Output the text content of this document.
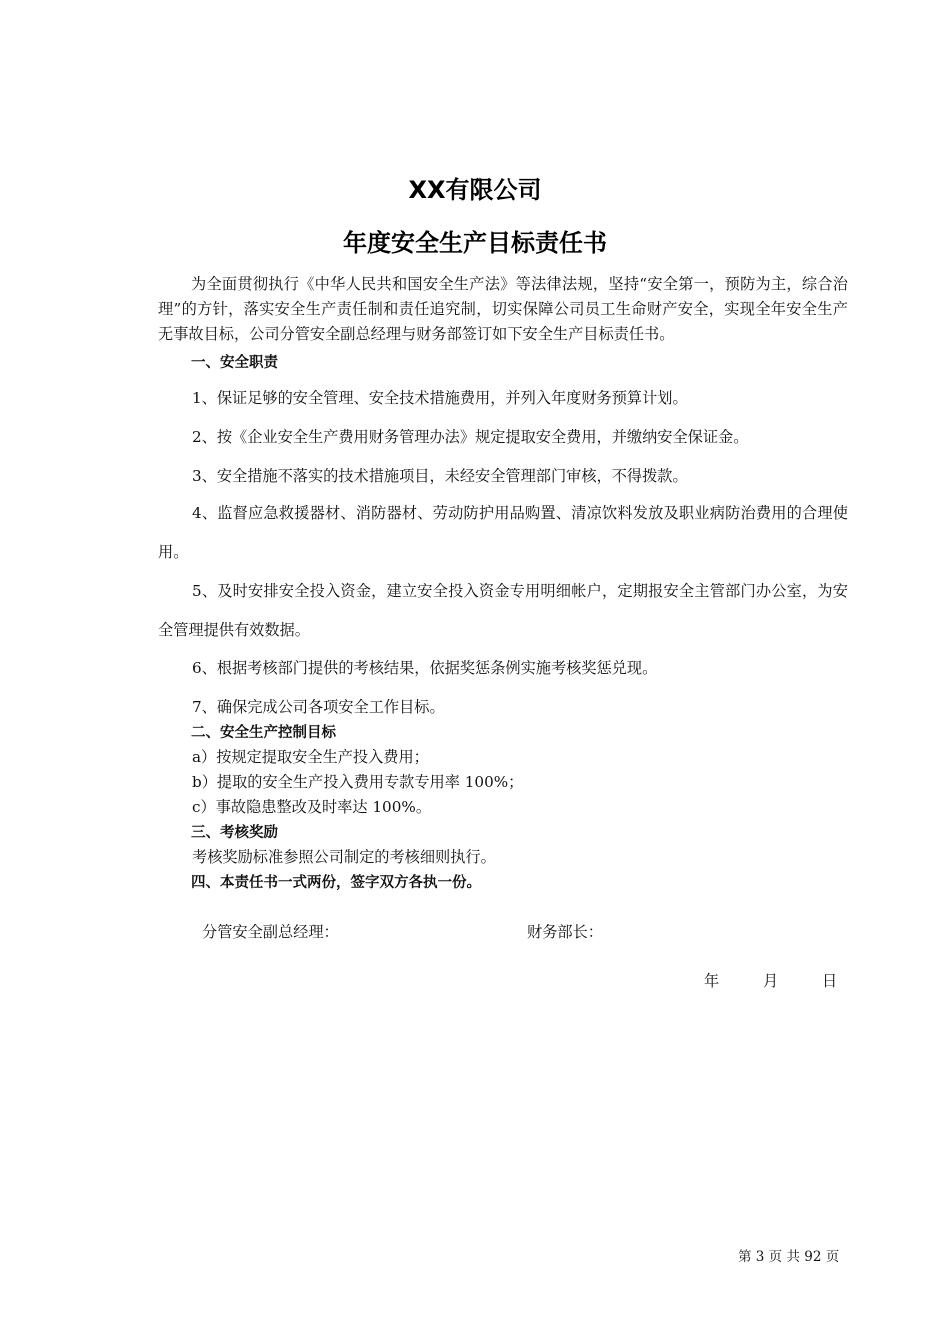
XX有限公司
年度安全生产目标责任书
为全面贯彻执行《中华人民共和国安全生产法》等法律法规，坚持“安全第一，预防为主，综合治理”的方针，落实安全生产责任制和责任追究制，切实保障公司员工生命财产安全，实现全年安全生产无事故目标，公司分管安全副总经理与财务部签订如下安全生产目标责任书。
一、安全职责
1、保证足够的安全管理、安全技术措施费用，并列入年度财务预算计划。
2、按《企业安全生产费用财务管理办法》规定提取安全费用，并缴纳安全保证金。
3、安全措施不落实的技术措施项目，未经安全管理部门审核，不得拨款。
4、监督应急救援器材、消防器材、劳动防护用品购置、清凉饮料发放及职业病防治费用的合理使用。
5、及时安排安全投入资金，建立安全投入资金专用明细帐户，定期报安全主管部门办公室，为安全管理提供有效数据。
6、根据考核部门提供的考核结果，依据奖惩条例实施考核奖惩兑现。
7、确保完成公司各项安全工作目标。
二、安全生产控制目标
a）按规定提取安全生产投入费用；
b）提取的安全生产投入费用专款专用率 100%；
c）事故隐患整改及时率达 100%。
三、考核奖励
考核奖励标准参照公司制定的考核细则执行。
四、本责任书一式两份，签字双方各执一份。
分管安全副总经理：	财务部长：
年	月	日
第 3 页 共 92 页
